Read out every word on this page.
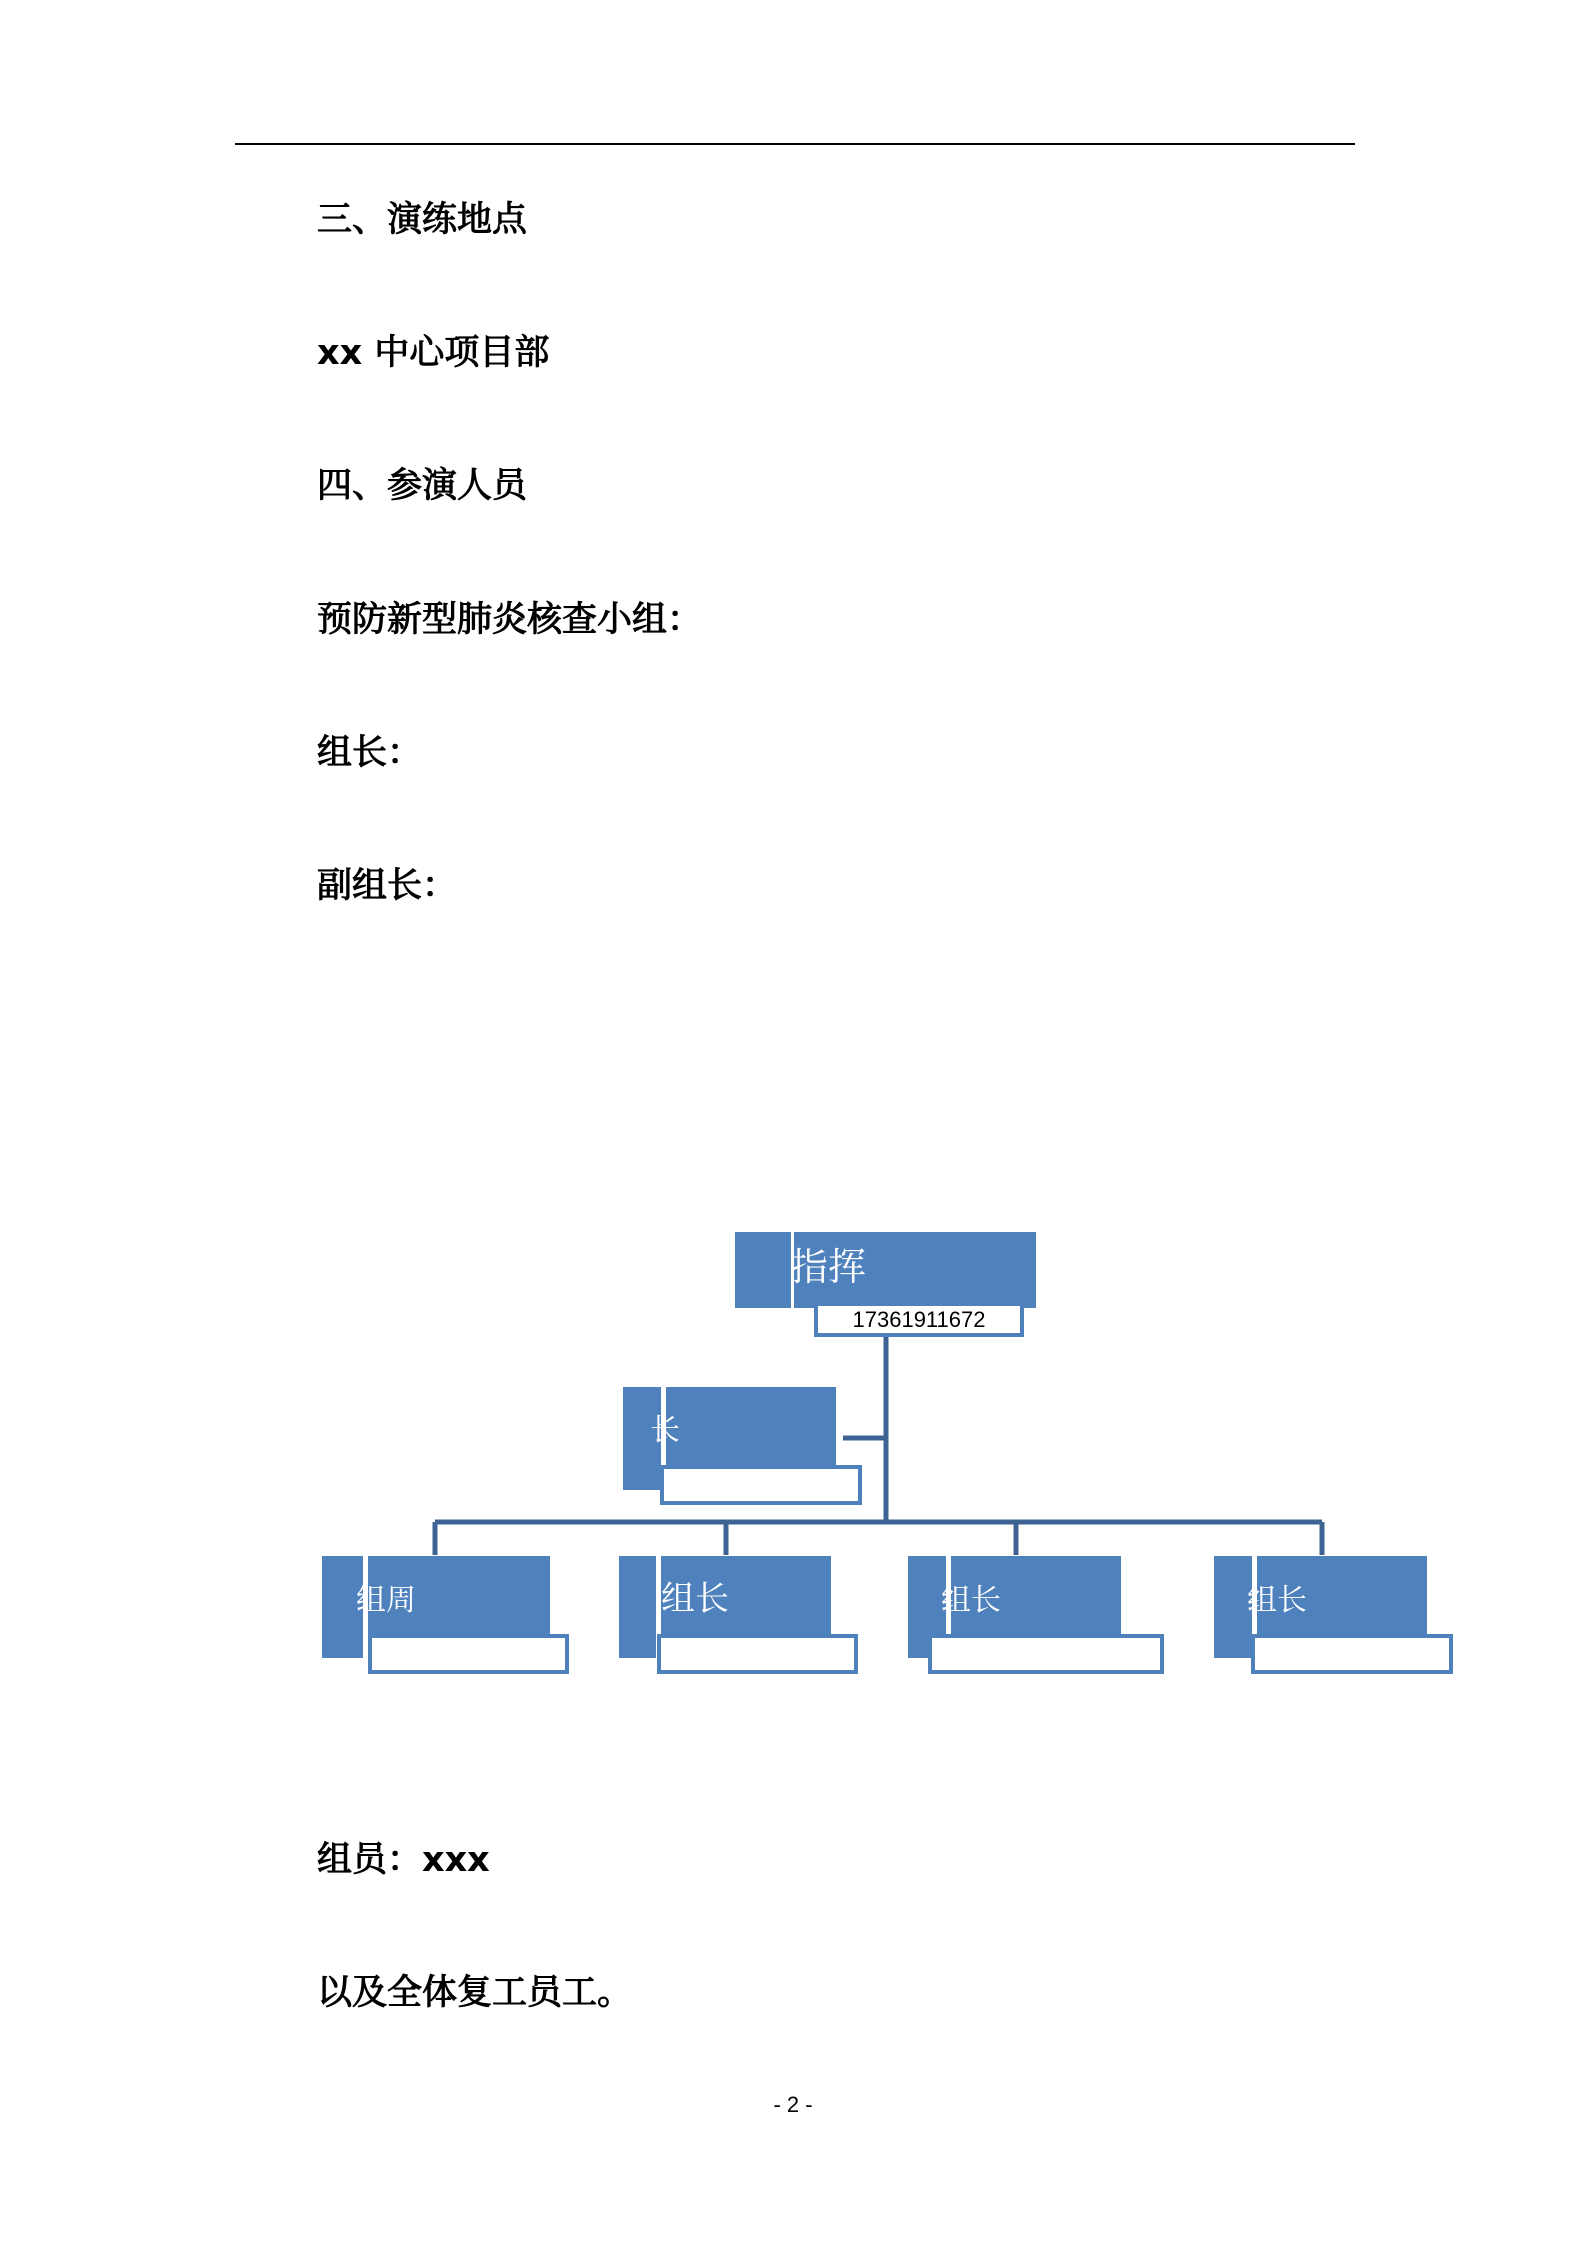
三、演练地点
xx 中心项目部
四、参演人员
预防新型肺炎核查小组：
组长：
副组长：
指挥
17361911672
长
组周	组长	组长	组长
组员：xxx
以及全体复工员工。
- 2 -
